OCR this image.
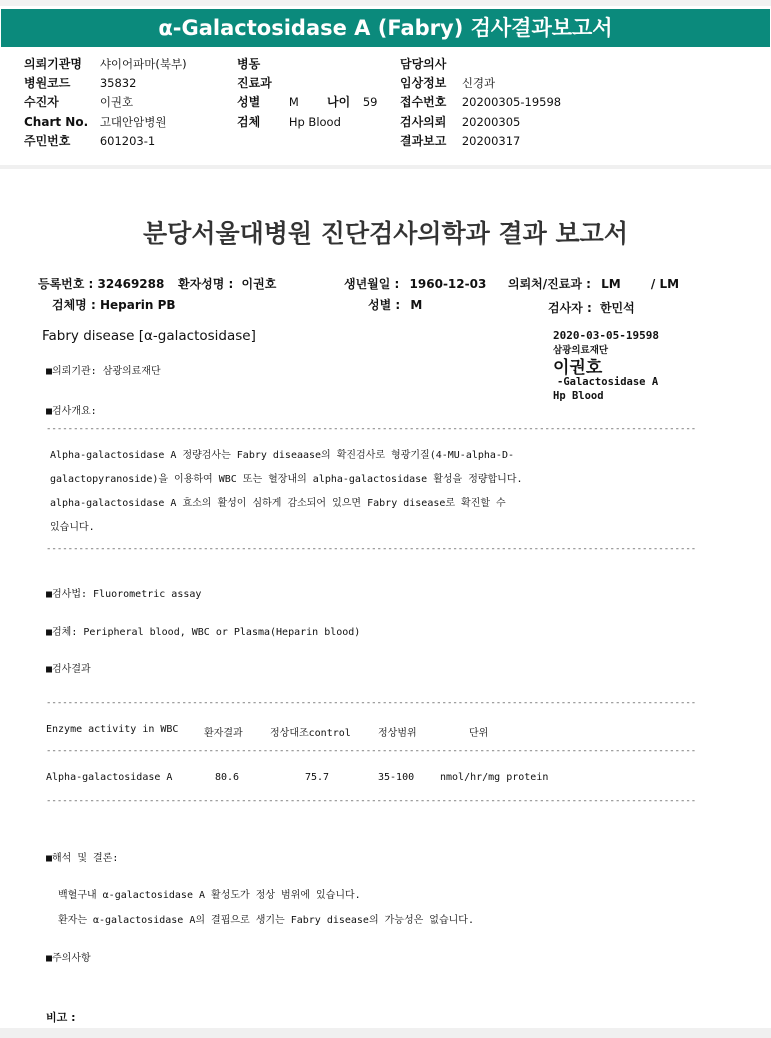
α-Galactosidase A (Fabry) 검사결과보고서
의뢰기관명 샤이어파마(북부)
병원코드	35832
수진자	이권호
Chart No. 고대안암병원
주민번호	601203-1
병동
진료과
성별 M 나이 59
검체 Hp Blood
담당의사
임상정보 신경과
접수번호 20200305-19598
검사의뢰 20200305
결과보고 20200317
분당서울대병원 진단검사의학과 결과 보고서
등록번호 : 32469288 환자성명 : 이권호	생년월일 : 1960-12-03 의뢰처/진료과 : LM	/ LM
검체명 : Heparin PB	성별 : M	검사자 : 한민석
Fabry disease [α-galactosidase]	2020-03-05-19598
삼광의료재단
이권호
-Galactosidase A
Hp Blood
■의뢰기관: 삼광의료재단
■검사개요:
------------------------------------------------------------------------------------------------------------------------
Alpha-galactosidase A 정량검사는 Fabry diseaase의 확진검사로 형광기질(4-MU-alpha-D-
galactopyranoside)을 이용하여 WBC 또는 혈장내의 alpha-galactosidase 활성을 정량합니다.
alpha-galactosidase A 효소의 활성이 심하게 감소되어 있으면 Fabry disease로 확진할 수
있습니다.
------------------------------------------------------------------------------------------------------------------------
■검사법: Fluorometric assay
■검체: Peripheral blood, WBC or Plasma(Heparin blood)
■검사결과
------------------------------------------------------------------------------------------------------------------------
Enzyme activity in WBC	환자결과	정상대조control	정상범위	단위
------------------------------------------------------------------------------------------------------------------------
Alpha-galactosidase A	80.6	75.7	35-100	nmol/hr/mg protein
------------------------------------------------------------------------------------------------------------------------
■해석 및 결론:
백혈구내 α-galactosidase A 활성도가 정상 범위에 있습니다.
환자는 α-galactosidase A의 결핍으로 생기는 Fabry disease의 가능성은 없습니다.
■주의사항
비고 :
